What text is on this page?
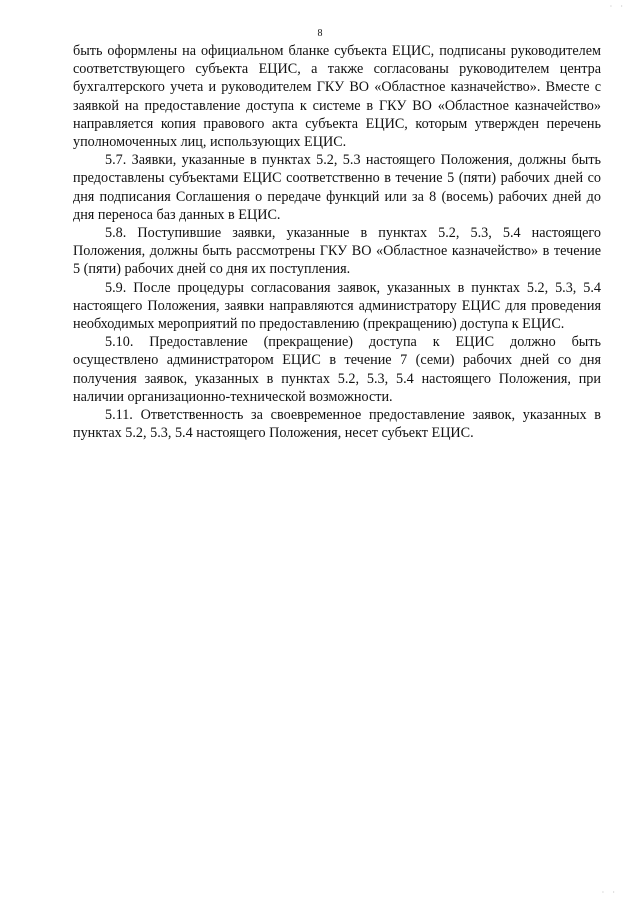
· ·
8

быть оформлены на официальном бланке субъекта ЕЦИС, подписаны руководителем соответствующего субъекта ЕЦИС, а также согласованы руководителем центра бухгалтерского учета и руководителем ГКУ ВО «Областное казначейство». Вместе с заявкой на предоставление доступа к системе в ГКУ ВО «Областное казначейство» направляется копия правового акта субъекта ЕЦИС, которым утвержден перечень уполномоченных лиц, использующих ЕЦИС.

5.7. Заявки, указанные в пунктах 5.2, 5.3 настоящего Положения, должны быть предоставлены субъектами ЕЦИС соответственно в течение 5 (пяти) рабочих дней со дня подписания Соглашения о передаче функций или за 8 (восемь) рабочих дней до дня переноса баз данных в ЕЦИС.

5.8. Поступившие заявки, указанные в пунктах 5.2, 5.3, 5.4 настоящего Положения, должны быть рассмотрены ГКУ ВО «Областное казначейство» в течение 5 (пяти) рабочих дней со дня их поступления.

5.9. После процедуры согласования заявок, указанных в пунктах 5.2, 5.3, 5.4 настоящего Положения, заявки направляются администратору ЕЦИС для проведения необходимых мероприятий по предоставлению (прекращению) доступа к ЕЦИС.

5.10. Предоставление (прекращение) доступа к ЕЦИС должно быть осуществлено администратором ЕЦИС в течение 7 (семи) рабочих дней со дня получения заявок, указанных в пунктах 5.2, 5.3, 5.4 настоящего Положения, при наличии организационно-технической возможности.

5.11. Ответственность за своевременное предоставление заявок, указанных в пунктах 5.2, 5.3, 5.4 настоящего Положения, несет субъект ЕЦИС.

· ·
